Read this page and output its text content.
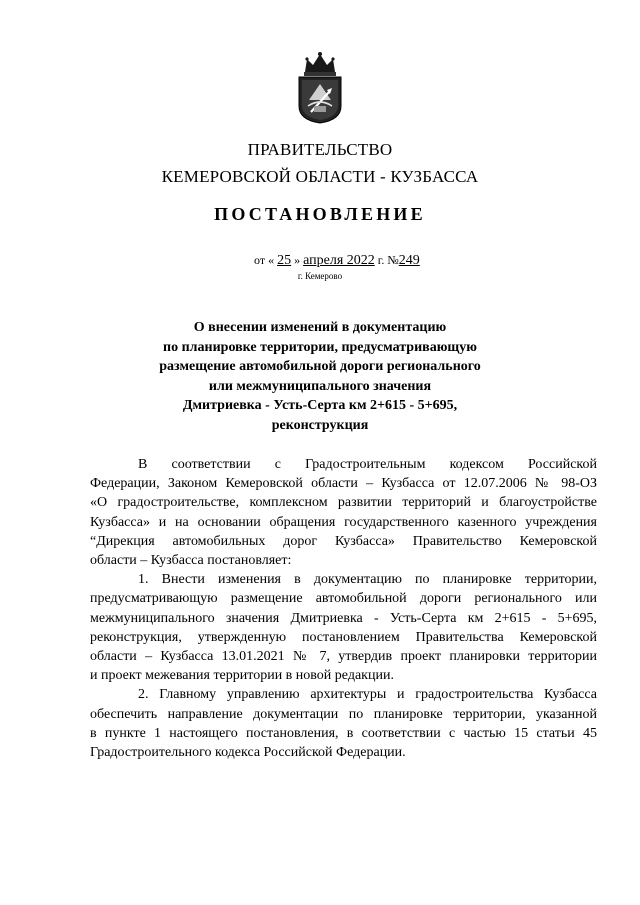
ПРАВИТЕЛЬСТВО
КЕМЕРОВСКОЙ ОБЛАСТИ - КУЗБАССА
ПОСТАНОВЛЕНИЕ
от « 25 » апреля 2022 г. №249
г. Кемерово
О внесении изменений в документацию
по планировке территории, предусматривающую
размещение автомобильной дороги регионального
или межмуниципального значения
Дмитриевка - Усть-Серта км 2+615 - 5+695,
реконструкция
В соответствии с Градостроительным кодексом Российской
Федерации, Законом Кемеровской области – Кузбасса от 12.07.2006 № 98-ОЗ
«О градостроительстве, комплексном развитии территорий и благоустройстве
Кузбасса» и на основании обращения государственного казенного учреждения
“Дирекция автомобильных дорог Кузбасса» Правительство Кемеровской
области – Кузбасса постановляет:
1. Внести изменения в документацию по планировке территории,
предусматривающую размещение автомобильной дороги регионального или
межмуниципального значения Дмитриевка - Усть-Серта км 2+615 - 5+695,
реконструкция, утвержденную постановлением Правительства Кемеровской
области – Кузбасса 13.01.2021 № 7, утвердив проект планировки территории
и проект межевания территории в новой редакции.
2. Главному управлению архитектуры и градостроительства Кузбасса
обеспечить направление документации по планировке территории, указанной
в пункте 1 настоящего постановления, в соответствии с частью 15 статьи 45
Градостроительного кодекса Российской Федерации.
